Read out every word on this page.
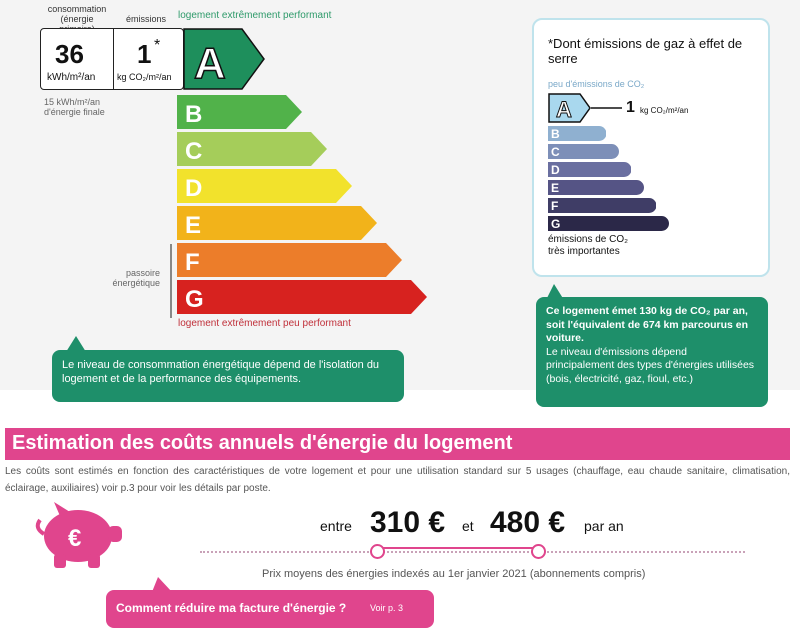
consommation
(énergie	émissions logement extrêmement performant
36
kWh/m²/an
1 *
kg CO₂/m²/an A
15 kWh/m²/an
d'énergie finale	B
C
D
E
F
G
passoire
énergétique
logement extrêmement peu performant
Le niveau de consommation énergétique dépend de l'isolation du logement et de la performance des équipements.
*Dont émissions de gaz à effet de serre
peu d'émissions de CO₂
A	1 kg CO₂/m²/an
B
C
D
E
F
G
émissions de CO₂
très importantes
Ce logement émet 130 kg de CO₂ par an, soit l'équivalent de 674 km parcourus en voiture.
Le niveau d'émissions dépend principalement des types d'énergies utilisées (bois, électricité, gaz, fioul, etc.)
Estimation des coûts annuels d'énergie du logement
Les coûts sont estimés en fonction des caractéristiques de votre logement et pour une utilisation standard sur 5 usages (chauffage, eau chaude sanitaire, climatisation, éclairage, auxiliaires) voir p.3 pour voir les détails par poste.
€	entre 310 € et 480 € par an
Prix moyens des énergies indexés au 1er janvier 2021 (abonnements compris)
Comment réduire ma facture d'énergie ?	Voir p. 3
